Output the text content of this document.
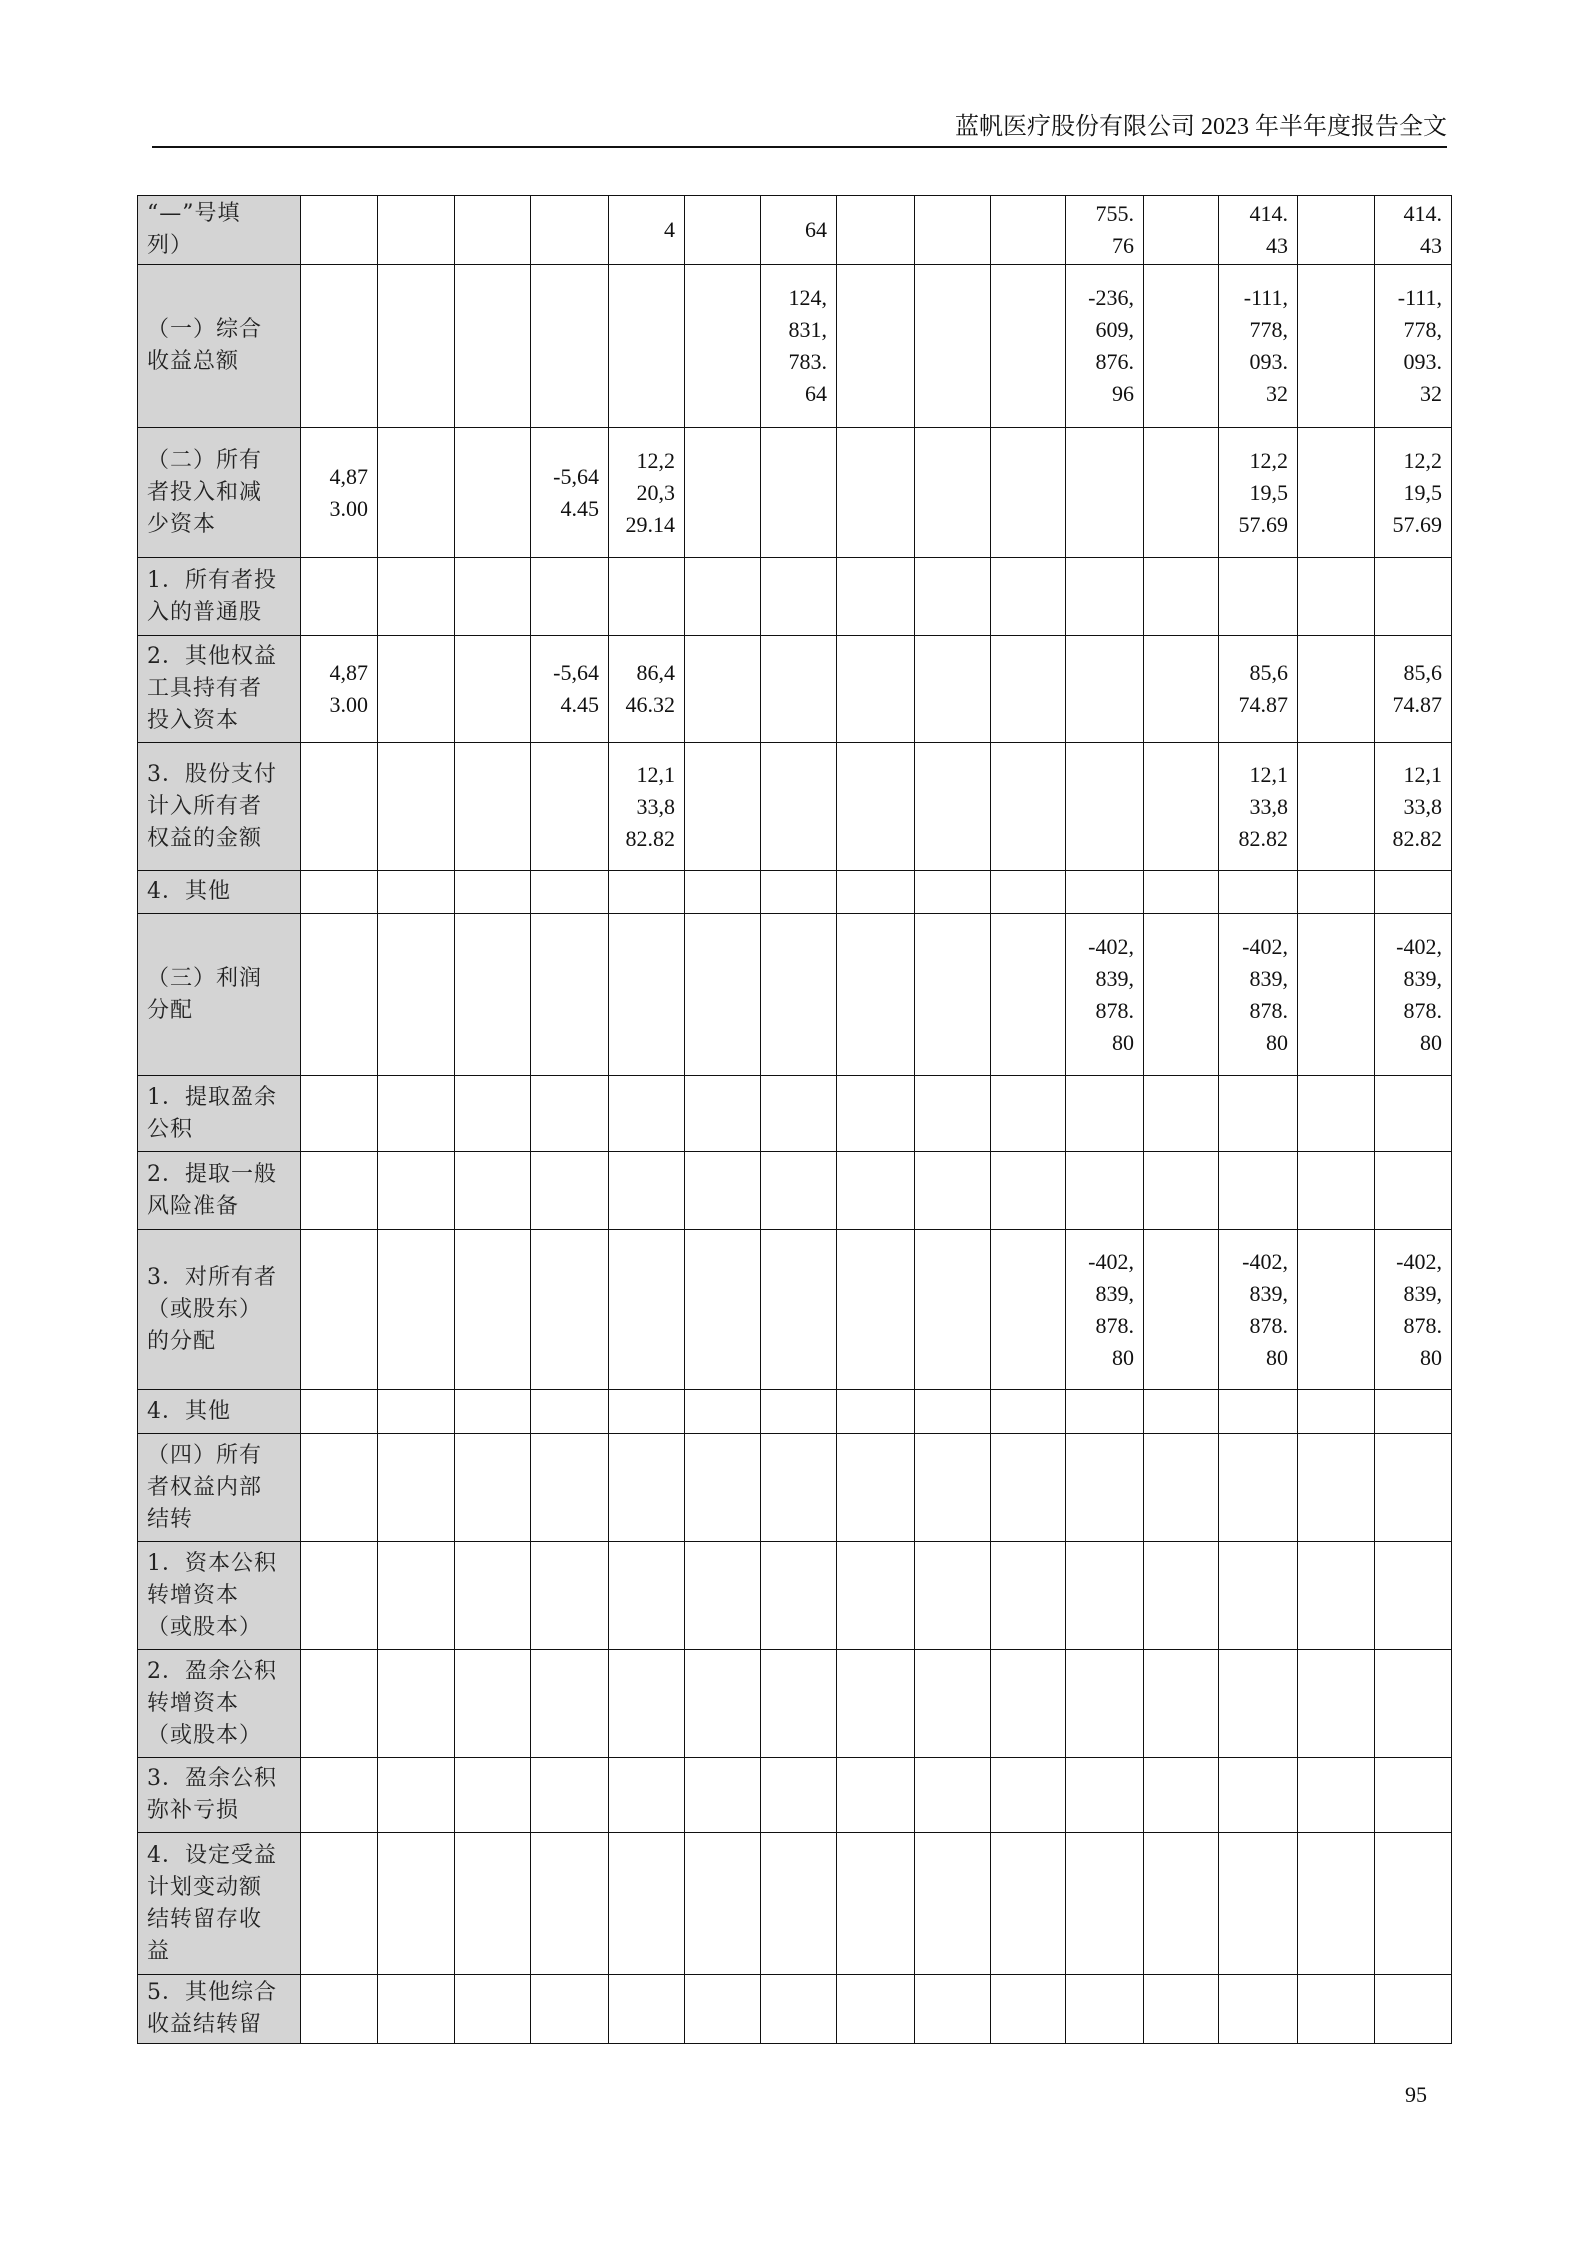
蓝帆医疗股份有限公司 2023 年半年度报告全文
“—”号填
列）					4		64				755.76		414.43		414.43

（一）综合
收益总额							124,831,783.64				-236,609,876.96		-111,778,093.32		-111,778,093.32

（二）所有
者投入和减
少资本	4,873.00			-5,644.45	12,220,329.14								12,219,557.69		12,219,557.69

1．所有者投
入的普通股															

2．其他权益
工具持有者
投入资本	4,873.00			-5,644.45	86,446.32								85,674.87		85,674.87

3．股份支付
计入所有者
权益的金额					12,133,882.82								12,133,882.82		12,133,882.82

4．其他															

（三）利润
分配											-402,839,878.80		-402,839,878.80		-402,839,878.80

1．提取盈余
公积															

2．提取一般
风险准备															

3．对所有者
（或股东）
的分配											-402,839,878.80		-402,839,878.80		-402,839,878.80

4．其他															

（四）所有
者权益内部
结转															

1．资本公积
转增资本
（或股本）															

2．盈余公积
转增资本
（或股本）															

3．盈余公积
弥补亏损															

4．设定受益
计划变动额
结转留存收
益															

5．其他综合
收益结转留															

95
